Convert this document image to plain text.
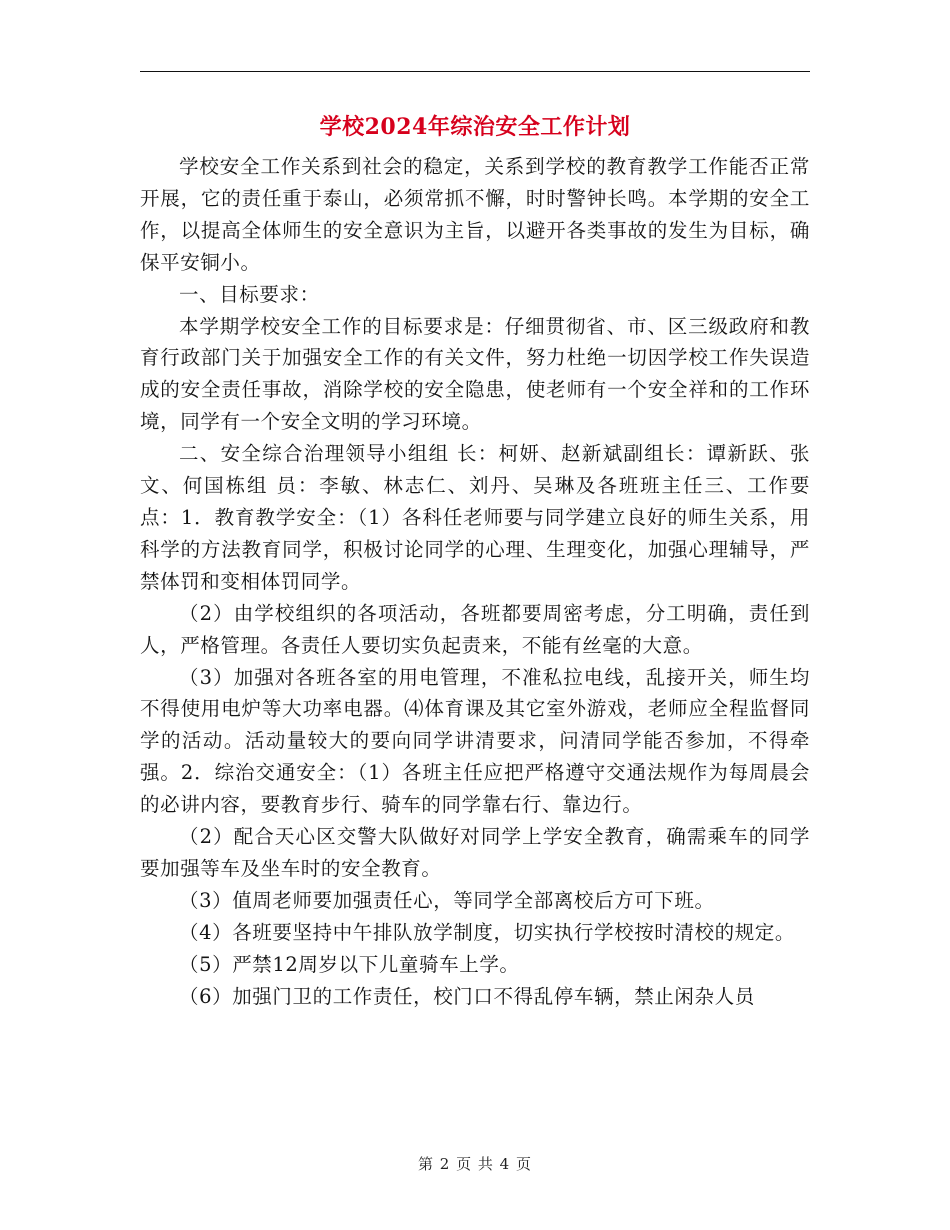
学校2024年综治安全工作计划

学校安全工作关系到社会的稳定，关系到学校的教育教学工作能否正常开展，它的责任重于泰山，必须常抓不懈，时时警钟长鸣。本学期的安全工作，以提高全体师生的安全意识为主旨，以避开各类事故的发生为目标，确保平安铜小。

一、目标要求：

本学期学校安全工作的目标要求是：仔细贯彻省、市、区三级政府和教育行政部门关于加强安全工作的有关文件，努力杜绝一切因学校工作失误造成的安全责任事故，消除学校的安全隐患，使老师有一个安全祥和的工作环境，同学有一个安全文明的学习环境。

二、安全综合治理领导小组组 长：柯妍、赵新斌副组长：谭新跃、张文、何国栋组 员：李敏、林志仁、刘丹、吴琳及各班班主任三、工作要点：1．教育教学安全：（1）各科任老师要与同学建立良好的师生关系，用科学的方法教育同学，积极讨论同学的心理、生理变化，加强心理辅导，严禁体罚和变相体罚同学。

（2）由学校组织的各项活动，各班都要周密考虑，分工明确，责任到人，严格管理。各责任人要切实负起责来，不能有丝毫的大意。

（3）加强对各班各室的用电管理，不准私拉电线，乱接开关，师生均不得使用电炉等大功率电器。⑷体育课及其它室外游戏，老师应全程监督同学的活动。活动量较大的要向同学讲清要求，问清同学能否参加，不得牵强。2．综治交通安全：（1）各班主任应把严格遵守交通法规作为每周晨会的必讲内容，要教育步行、骑车的同学靠右行、靠边行。

（2）配合天心区交警大队做好对同学上学安全教育，确需乘车的同学要加强等车及坐车时的安全教育。

（3）值周老师要加强责任心，等同学全部离校后方可下班。

（4）各班要坚持中午排队放学制度，切实执行学校按时清校的规定。

（5）严禁12周岁以下儿童骑车上学。

（6）加强门卫的工作责任，校门口不得乱停车辆，禁止闲杂人员

第 2 页 共 4 页
